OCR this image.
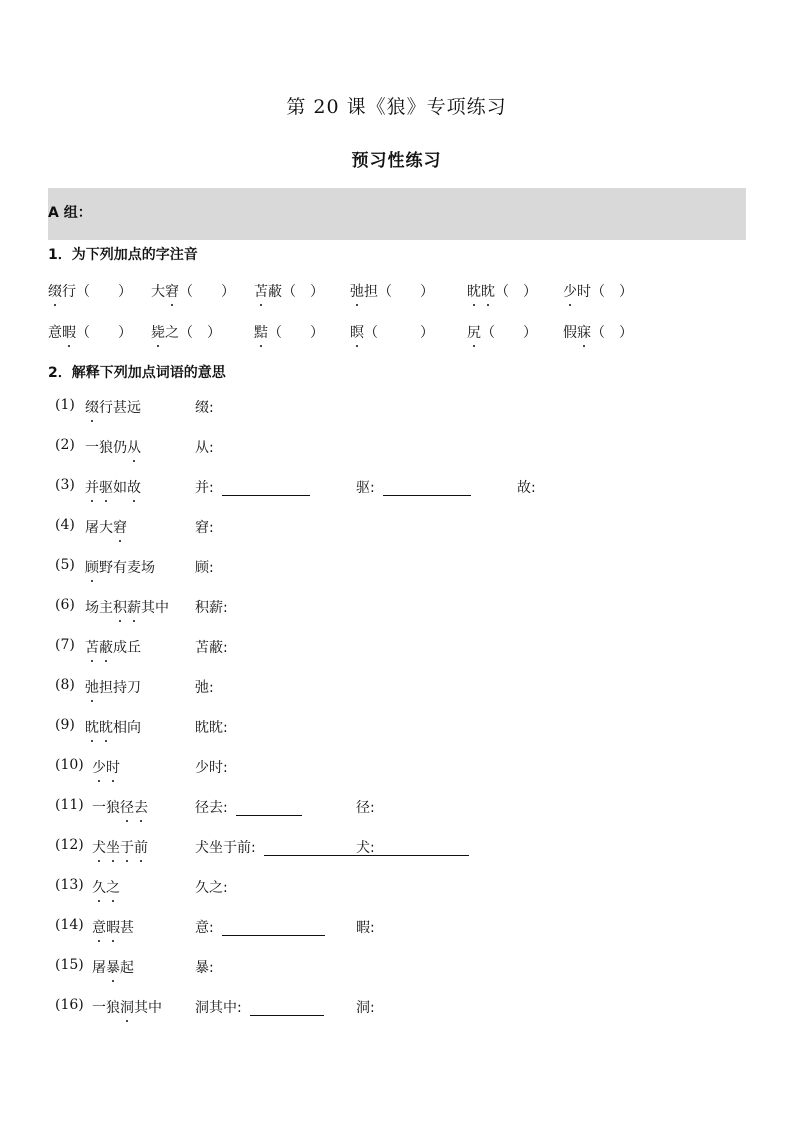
第 20 课《狼》专项练习
预习性练习
A 组：
1．为下列加点的字注音
缀行（　　） 大窘（　　） 苫蔽（　） 弛担（　　） 眈眈（　） 少时（　）
意暇（　　） 毙之（　） 黠（　　） 瞑（　　　） 尻（　　） 假寐（　）
2．解释下列加点词语的意思
(1) 缀行甚远	缀:
(2) 一狼仍从	从:
(3) 并驱如故	并:	驱:	故:
(4) 屠大窘	窘:
(5) 顾野有麦场	顾:
(6) 场主积薪其中 积薪:
(7) 苫蔽成丘	苫蔽:
(8) 弛担持刀	弛:
(9) 眈眈相向	眈眈:
(10) 少时	少时:
(11) 一狼径去	径去:	径:
(12) 犬坐于前	犬坐于前:	犬:
(13) 久之	久之:
(14) 意暇甚	意:	暇:
(15) 屠暴起	暴:
(16) 一狼洞其中 洞其中:	洞:
